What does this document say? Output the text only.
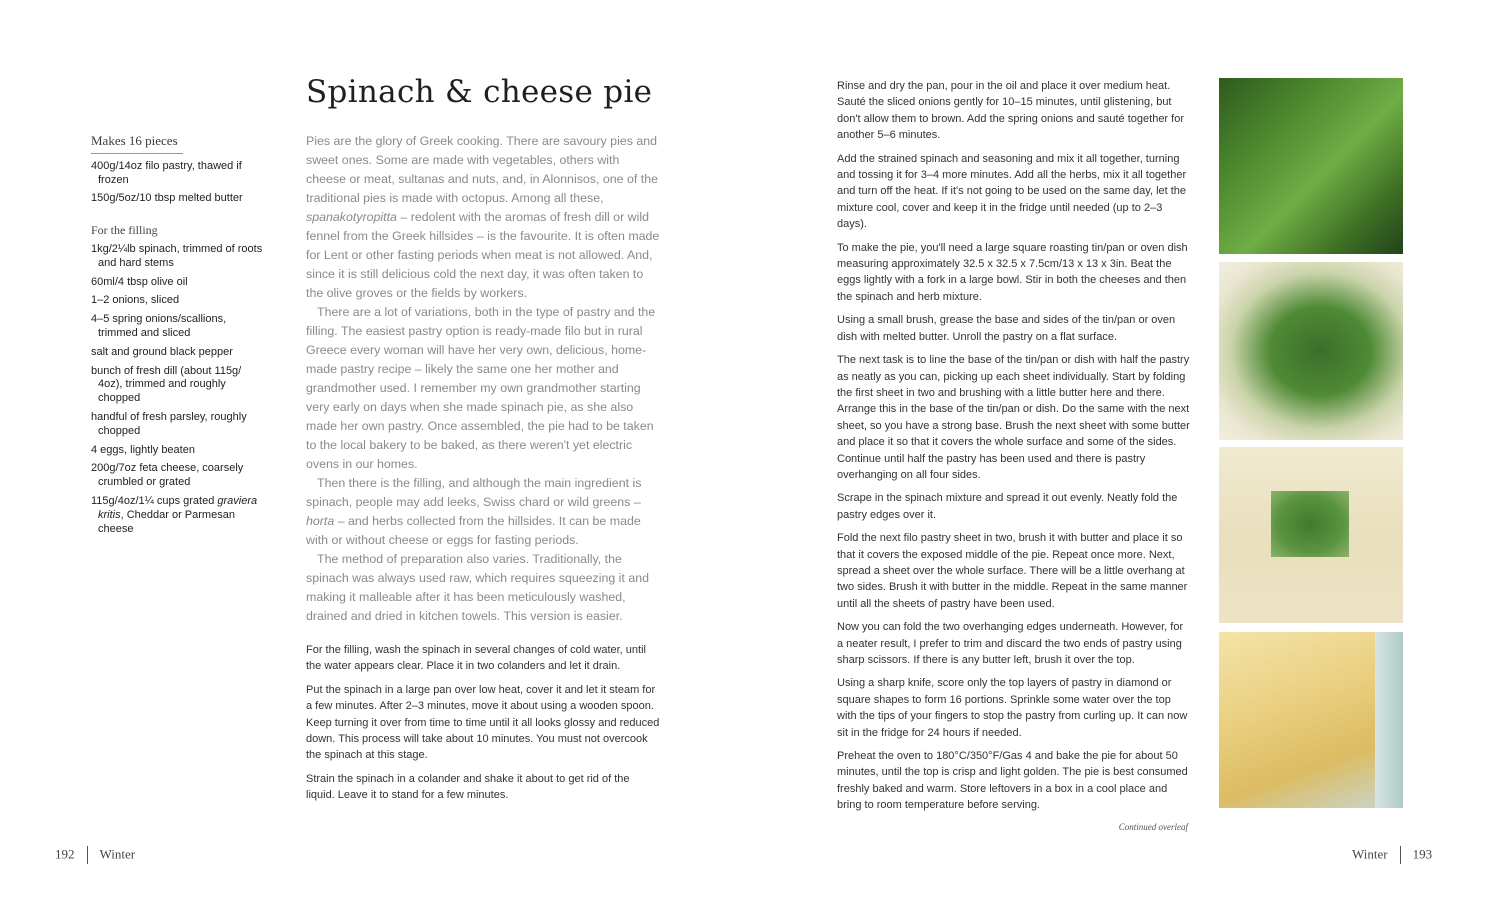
Makes 16 pieces
400g/14oz filo pastry, thawed if frozen
150g/5oz/10 tbsp melted butter
For the filling
1kg/2¼lb spinach, trimmed of roots and hard stems
60ml/4 tbsp olive oil
1–2 onions, sliced
4–5 spring onions/scallions, trimmed and sliced
salt and ground black pepper
bunch of fresh dill (about 115g/ 4oz), trimmed and roughly chopped
handful of fresh parsley, roughly chopped
4 eggs, lightly beaten
200g/7oz feta cheese, coarsely crumbled or grated
115g/4oz/1¼ cups grated graviera kritis, Cheddar or Parmesan cheese
Spinach & cheese pie

Pies are the glory of Greek cooking. There are savoury pies and sweet ones. Some are made with vegetables, others with cheese or meat, sultanas and nuts, and, in Alonnisos, one of the traditional pies is made with octopus. Among all these, spanakotyropitta – redolent with the aromas of fresh dill or wild fennel from the Greek hillsides – is the favourite. It is often made for Lent or other fasting periods when meat is not allowed. And, since it is still delicious cold the next day, it was often taken to the olive groves or the fields by workers.

There are a lot of variations, both in the type of pastry and the filling. The easiest pastry option is ready-made filo but in rural Greece every woman will have her very own, delicious, home-made pastry recipe – likely the same one her mother and grandmother used. I remember my own grandmother starting very early on days when she made spinach pie, as she also made her own pastry. Once assembled, the pie had to be taken to the local bakery to be baked, as there weren't yet electric ovens in our homes.

Then there is the filling, and although the main ingredient is spinach, people may add leeks, Swiss chard or wild greens – horta – and herbs collected from the hillsides. It can be made with or without cheese or eggs for fasting periods.

The method of preparation also varies. Traditionally, the spinach was always used raw, which requires squeezing it and making it malleable after it has been meticulously washed, drained and dried in kitchen towels. This version is easier.

For the filling, wash the spinach in several changes of cold water, until the water appears clear. Place it in two colanders and let it drain.

Put the spinach in a large pan over low heat, cover it and let it steam for a few minutes. After 2–3 minutes, move it about using a wooden spoon. Keep turning it over from time to time until it all looks glossy and reduced down. This process will take about 10 minutes. You must not overcook the spinach at this stage.

Strain the spinach in a colander and shake it about to get rid of the liquid. Leave it to stand for a few minutes.

Rinse and dry the pan, pour in the oil and place it over medium heat. Sauté the sliced onions gently for 10–15 minutes, until glistening, but don't allow them to brown. Add the spring onions and sauté together for another 5–6 minutes.

Add the strained spinach and seasoning and mix it all together, turning and tossing it for 3–4 more minutes. Add all the herbs, mix it all together and turn off the heat. If it's not going to be used on the same day, let the mixture cool, cover and keep it in the fridge until needed (up to 2–3 days).

To make the pie, you'll need a large square roasting tin/pan or oven dish measuring approximately 32.5 x 32.5 x 7.5cm/13 x 13 x 3in. Beat the eggs lightly with a fork in a large bowl. Stir in both the cheeses and then the spinach and herb mixture.

Using a small brush, grease the base and sides of the tin/pan or oven dish with melted butter. Unroll the pastry on a flat surface.

The next task is to line the base of the tin/pan or dish with half the pastry as neatly as you can, picking up each sheet individually. Start by folding the first sheet in two and brushing with a little butter here and there. Arrange this in the base of the tin/pan or dish. Do the same with the next sheet, so you have a strong base. Brush the next sheet with some butter and place it so that it covers the whole surface and some of the sides. Continue until half the pastry has been used and there is pastry overhanging on all four sides.

Scrape in the spinach mixture and spread it out evenly. Neatly fold the pastry edges over it.

Fold the next filo pastry sheet in two, brush it with butter and place it so that it covers the exposed middle of the pie. Repeat once more. Next, spread a sheet over the whole surface. There will be a little overhang at two sides. Brush it with butter in the middle. Repeat in the same manner until all the sheets of pastry have been used.

Now you can fold the two overhanging edges underneath. However, for a neater result, I prefer to trim and discard the two ends of pastry using sharp scissors. If there is any butter left, brush it over the top.

Using a sharp knife, score only the top layers of pastry in diamond or square shapes to form 16 portions. Sprinkle some water over the top with the tips of your fingers to stop the pastry from curling up. It can now sit in the fridge for 24 hours if needed.

Preheat the oven to 180°C/350°F/Gas 4 and bake the pie for about 50 minutes, until the top is crisp and light golden. The pie is best consumed freshly baked and warm. Store leftovers in a box in a cool place and bring to room temperature before serving.

Continued overleaf
192 Winter	Winter 193
